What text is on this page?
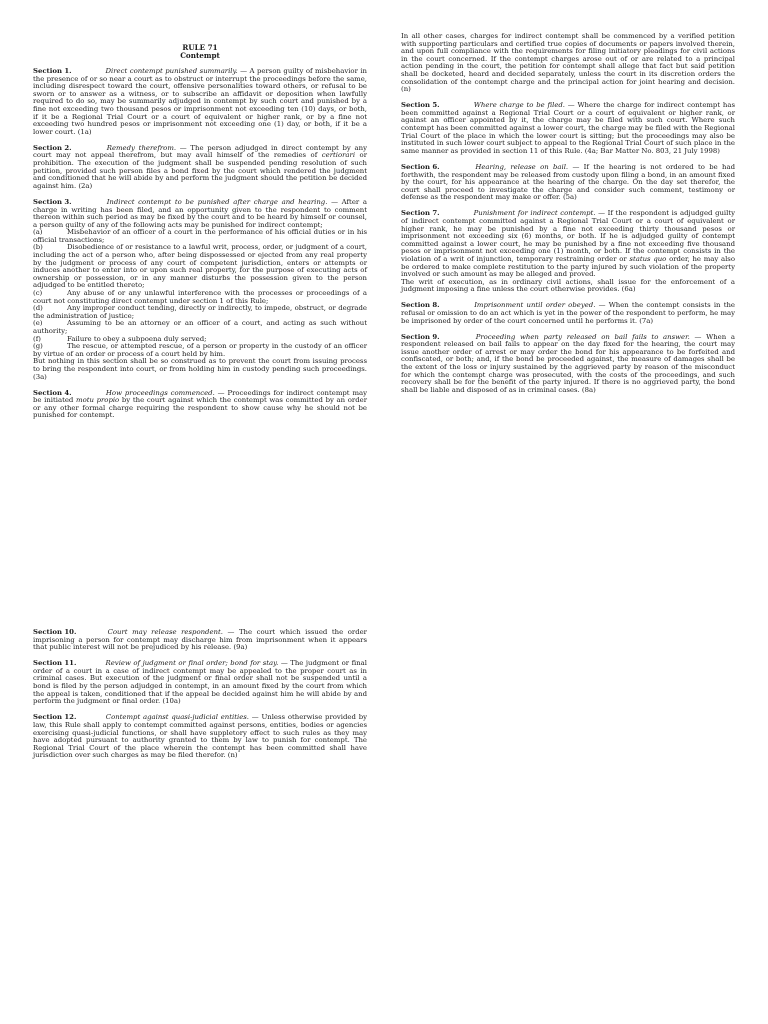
RULE 71
Contempt

Section 1.	Direct contempt punished summarily. — A person guilty of misbehavior in the presence of or so near a court as to obstruct or interrupt the proceedings before the same, including disrespect toward the court, offensive personalities toward others, or refusal to be sworn or to answer as a witness, or to subscribe an affidavit or deposition when lawfully required to do so, may be summarily adjudged in contempt by such court and punished by a fine not exceeding two thousand pesos or imprisonment not exceeding ten (10) days, or both, if it be a Regional Trial Court or a court of equivalent or higher rank, or by a fine not exceeding two hundred pesos or imprisonment not exceeding one (1) day, or both, if it be a lower court. (1a)

Section 2.	Remedy therefrom. — The person adjudged in direct contempt by any court may not appeal therefrom, but may avail himself of the remedies of certiorari or prohibition. The execution of the judgment shall be suspended pending resolution of such petition, provided such person files a bond fixed by the court which rendered the judgment and conditioned that he will abide by and perform the judgment should the petition be decided against him. (2a)

Section 3.	Indirect contempt to be punished after charge and hearing. — After a charge in writing has been filed, and an opportunity given to the respondent to comment thereon within such period as may be fixed by the court and to be heard by himself or counsel, a person guilty of any of the following acts may be punished for indirect contempt;

(a)	Misbehavior of an officer of a court in the performance of his official duties or in his official transactions;
(b)	Disobedience of or resistance to a lawful writ, process, order, or judgment of a court, including the act of a person who, after being dispossessed or ejected from any real property by the judgment or process of any court of competent jurisdiction, enters or attempts or induces another to enter into or upon such real property, for the purpose of executing acts of ownership or possession, or in any manner disturbs the possession given to the person adjudged to be entitled thereto;
(c)	Any abuse of or any unlawful interference with the processes or proceedings of a court not constituting direct contempt under section 1 of this Rule;
(d)	Any improper conduct tending, directly or indirectly, to impede, obstruct, or degrade the administration of justice;
(e)	Assuming to be an attorney or an officer of a court, and acting as such without authority;
(f)	Failure to obey a subpoena duly served;
(g)	The rescue, or attempted rescue, of a person or property in the custody of an officer by virtue of an order or process of a court held by him.

But nothing in this section shall be so construed as to prevent the court from issuing process to bring the respondent into court, or from holding him in custody pending such proceedings. (3a)

Section 4.	How proceedings commenced. — Proceedings for indirect contempt may be initiated motu propio by the court against which the contempt was committed by an order or any other formal charge requiring the respondent to show cause why he should not be punished for contempt.

In all other cases, charges for indirect contempt shall be commenced by a verified petition with supporting particulars and certified true copies of documents or papers involved therein, and upon full compliance with the requirements for filing initiatory pleadings for civil actions in the court concerned. If the contempt charges arose out of or are related to a principal action pending in the court, the petition for contempt shall allege that fact but said petition shall be docketed, heard and decided separately, unless the court in its discretion orders the consolidation of the contempt charge and the principal action for joint hearing and decision. (n)

Section 5.	Where charge to be filed. — Where the charge for indirect contempt has been committed against a Regional Trial Court or a court of equivalent or higher rank, or against an officer appointed by it, the charge may be filed with such court. Where such contempt has been committed against a lower court, the charge may be filed with the Regional Trial Court of the place in which the lower court is sitting; but the proceedings may also be instituted in such lower court subject to appeal to the Regional Trial Court of such place in the same manner as provided in section 11 of this Rule. (4a; Bar Matter No. 803, 21 July 1998)

Section 6.	Hearing, release on bail. — If the hearing is not ordered to be had forthwith, the respondent may be released from custody upon filing a bond, in an amount fixed by the court, for his appearance at the hearing of the charge. On the day set therefor, the court shall proceed to investigate the charge and consider such comment, testimony or defense as the respondent may make or offer. (5a)

Section 7.	Punishment for indirect contempt. — If the respondent is adjudged guilty of indirect contempt committed against a Regional Trial Court or a court of equivalent or higher rank, he may be punished by a fine not exceeding thirty thousand pesos or imprisonment not exceeding six (6) months, or both. If he is adjudged guilty of contempt committed against a lower court, he may be punished by a fine not exceeding five thousand pesos or imprisonment not exceeding one (1) month, or both. If the contempt consists in the violation of a writ of injunction, temporary restraining order or status quo order, he may also be ordered to make complete restitution to the party injured by such violation of the property involved or such amount as may be alleged and proved.

The writ of execution, as in ordinary civil actions, shall issue for the enforcement of a judgment imposing a fine unless the court otherwise provides. (6a)

Section 8.	Imprisonment until order obeyed. — When the contempt consists in the refusal or omission to do an act which is yet in the power of the respondent to perform, he may be imprisoned by order of the court concerned until he performs it. (7a)

Section 9.	Proceeding when party released on bail fails to answer. — When a respondent released on bail fails to appear on the day fixed for the hearing, the court may issue another order of arrest or may order the bond for his appearance to be forfeited and confiscated, or both; and, if the bond be proceeded against, the measure of damages shall be the extent of the loss or injury sustained by the aggrieved party by reason of the misconduct for which the contempt charge was prosecuted, with the costs of the proceedings, and such recovery shall be for the benefit of the party injured. If there is no aggrieved party, the bond shall be liable and disposed of as in criminal cases. (8a)

Section 10.	Court may release respondent. — The court which issued the order imprisoning a person for contempt may discharge him from imprisonment when it appears that public interest will not be prejudiced by his release. (9a)

Section 11.	Review of judgment or final order; bond for stay. — The judgment or final order of a court in a case of indirect contempt may be appealed to the proper court as in criminal cases. But execution of the judgment or final order shall not be suspended until a bond is filed by the person adjudged in contempt, in an amount fixed by the court from which the appeal is taken, conditioned that if the appeal be decided against him he will abide by and perform the judgment or final order. (10a)

Section 12.	Contempt against quasi-judicial entities. — Unless otherwise provided by law, this Rule shall apply to contempt committed against persons, entities, bodies or agencies exercising quasi-judicial functions, or shall have suppletory effect to such rules as they may have adopted pursuant to authority granted to them by law to punish for contempt. The Regional Trial Court of the place wherein the contempt has been committed shall have jurisdiction over such charges as may be filed therefor. (n)
